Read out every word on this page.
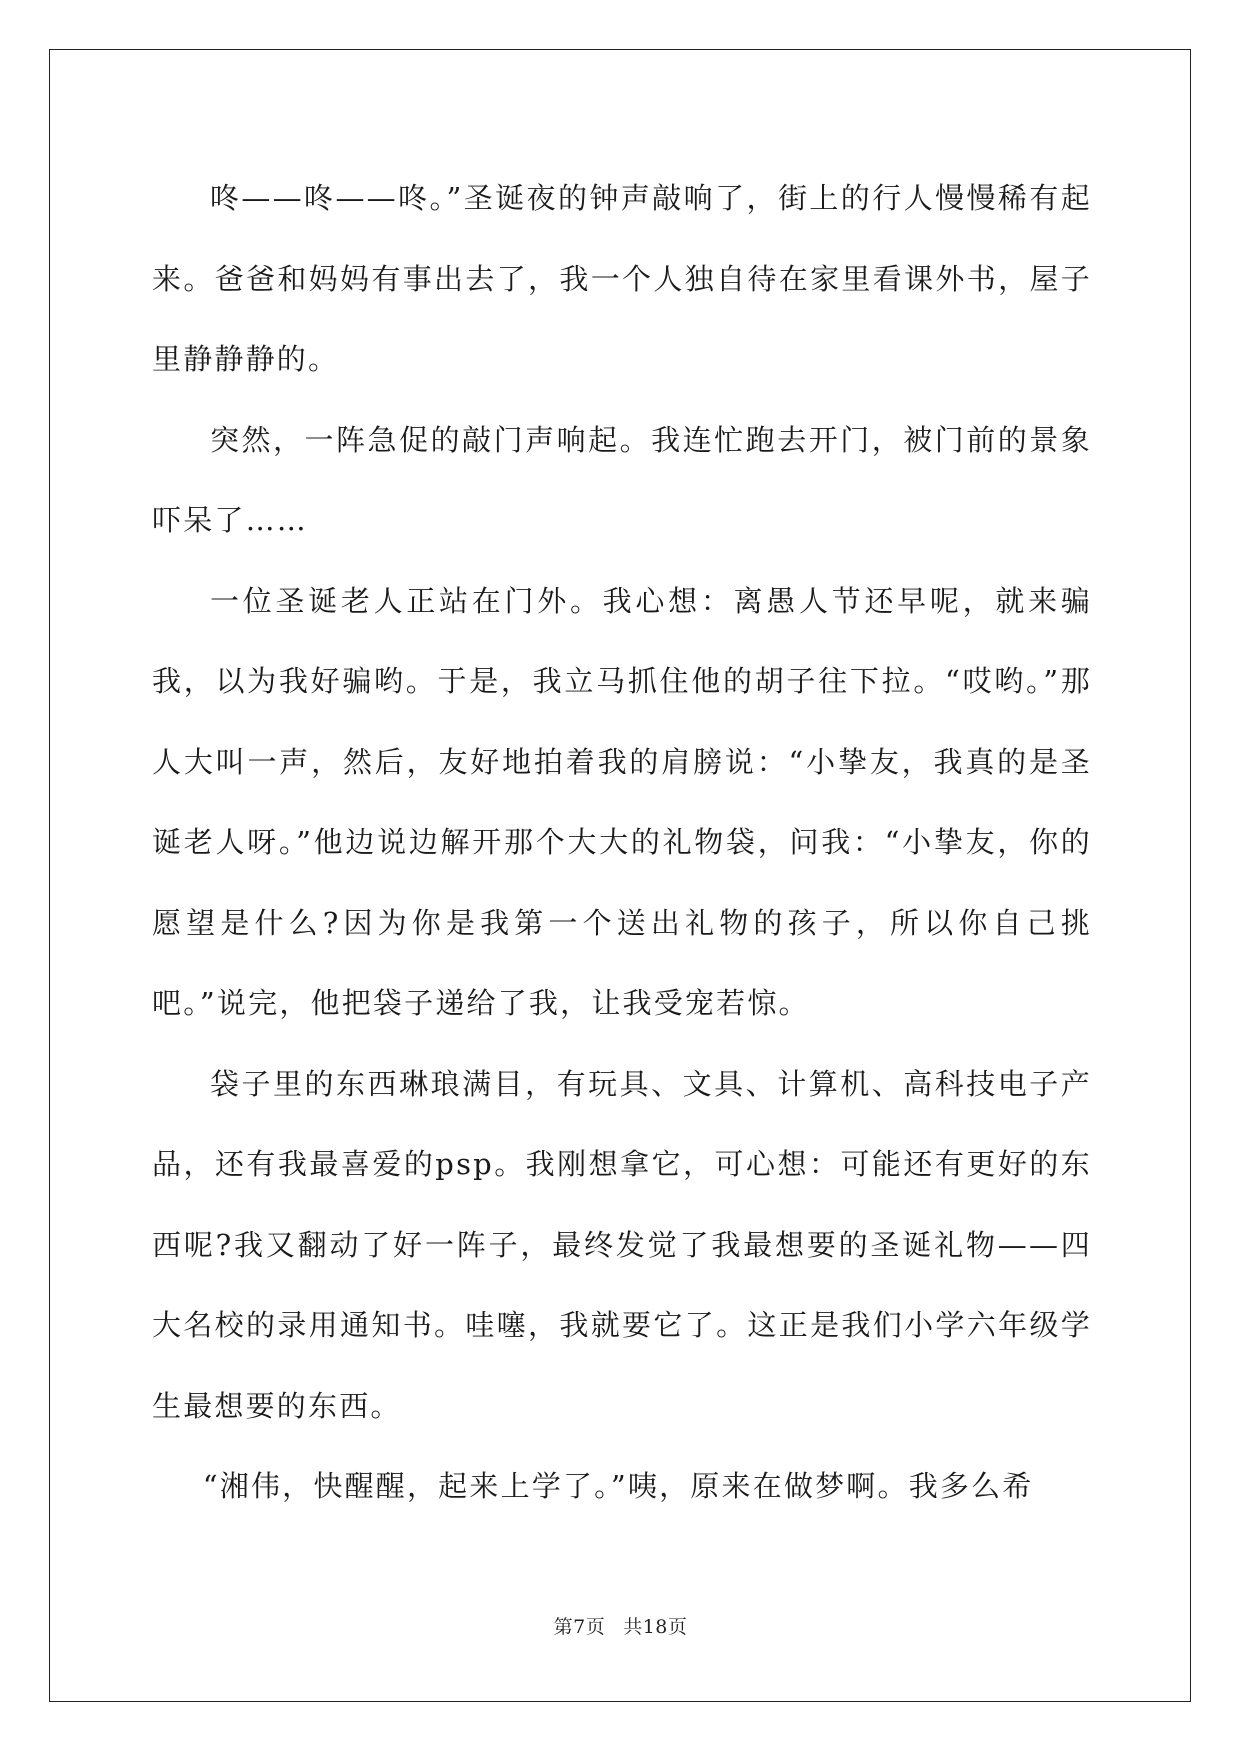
咚——咚——咚。”圣诞夜的钟声敲响了，街上的行人慢慢稀有起来。爸爸和妈妈有事出去了，我一个人独自待在家里看课外书，屋子里静静静的。

突然，一阵急促的敲门声响起。我连忙跑去开门，被门前的景象吓呆了……

一位圣诞老人正站在门外。我心想：离愚人节还早呢，就来骗我，以为我好骗哟。于是，我立马抓住他的胡子往下拉。“哎哟。”那人大叫一声，然后，友好地拍着我的肩膀说：“小挚友，我真的是圣诞老人呀。”他边说边解开那个大大的礼物袋，问我：“小挚友，你的愿望是什么?因为你是我第一个送出礼物的孩子，所以你自己挑吧。”说完，他把袋子递给了我，让我受宠若惊。

袋子里的东西琳琅满目，有玩具、文具、计算机、高科技电子产品，还有我最喜爱的psp。我刚想拿它，可心想：可能还有更好的东西呢?我又翻动了好一阵子，最终发觉了我最想要的圣诞礼物——四大名校的录用通知书。哇噻，我就要它了。这正是我们小学六年级学生最想要的东西。

“湘伟，快醒醒，起来上学了。”咦，原来在做梦啊。我多么希

第7页 共18页
